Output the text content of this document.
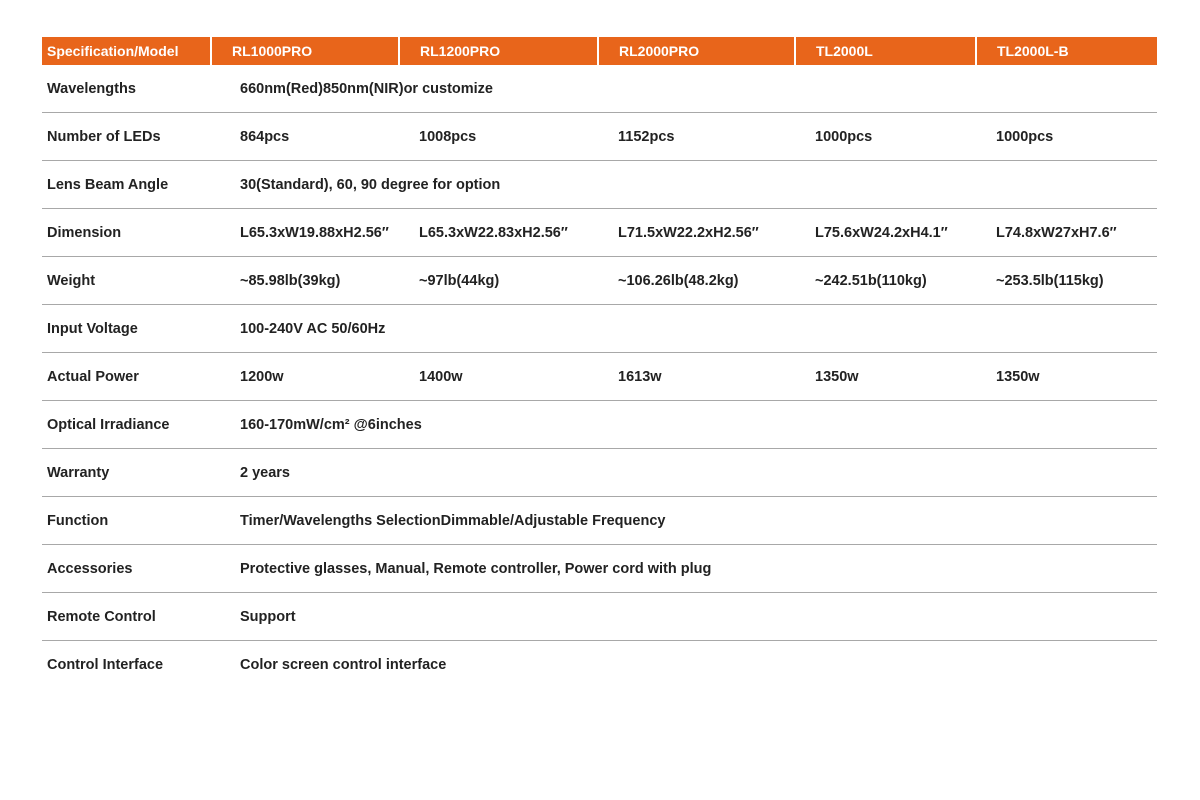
Specification/Model	RL1000PRO	RL1200PRO	RL2000PRO	TL2000L	TL2000L-B
Wavelengths	660nm(Red)850nm(NIR)or customize				
Number of LEDs	864pcs	1008pcs	1152pcs	1000pcs	1000pcs
Lens Beam Angle	30(Standard), 60, 90 degree for option				
Dimension	L65.3xW19.88xH2.56″	L65.3xW22.83xH2.56″	L71.5xW22.2xH2.56″	L75.6xW24.2xH4.1″	L74.8xW27xH7.6″
Weight	~85.98lb(39kg)	~97lb(44kg)	~106.26lb(48.2kg)	~242.51b(110kg)	~253.5lb(115kg)
Input Voltage	100-240V AC 50/60Hz				
Actual Power	1200w	1400w	1613w	1350w	1350w
Optical Irradiance	160-170mW/cm² @6inches				
Warranty	2 years				
Function	Timer/Wavelengths SelectionDimmable/Adjustable Frequency				
Accessories	Protective glasses, Manual, Remote controller, Power cord with plug				
Remote Control	Support				
Control Interface	Color screen control interface				
